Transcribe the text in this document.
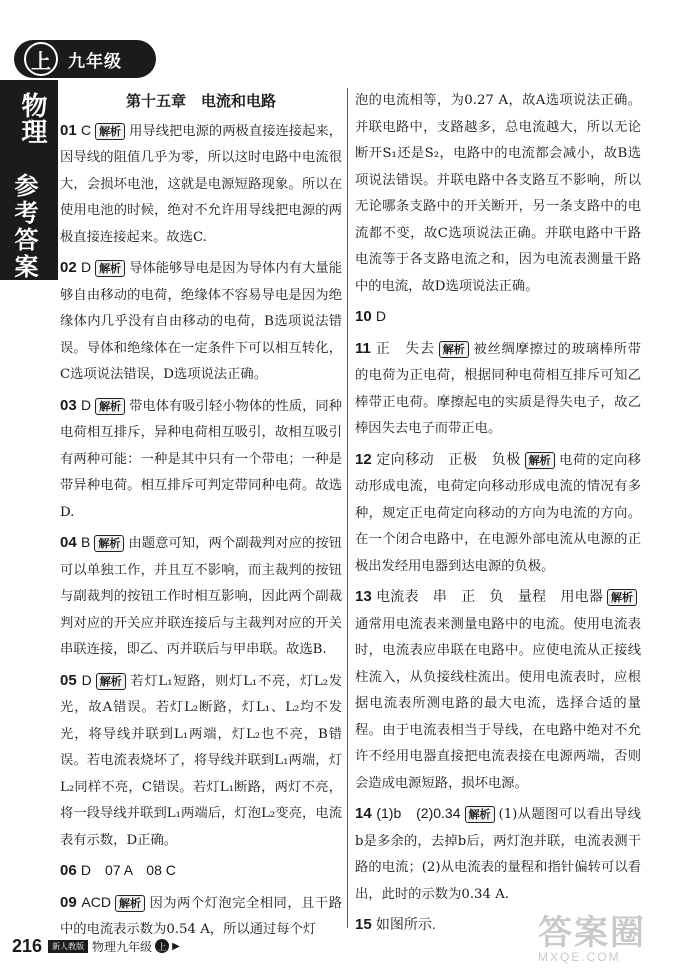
上	九年级
物理
参考答案
第十五章　电流和电路
01 C 解析 用导线把电源的两极直接连接起来，因导线的阻值几乎为零，所以这时电路中电流很大，会损坏电池，这就是电源短路现象。所以在使用电池的时候，绝对不允许用导线把电源的两极直接连接起来。故选C.
02 D 解析 导体能够导电是因为导体内有大量能够自由移动的电荷，绝缘体不容易导电是因为绝缘体内几乎没有自由移动的电荷，B选项说法错误。导体和绝缘体在一定条件下可以相互转化，C选项说法错误，D选项说法正确。
03 D 解析 带电体有吸引轻小物体的性质，同种电荷相互排斥，异种电荷相互吸引，故相互吸引有两种可能：一种是其中只有一个带电；一种是带异种电荷。相互排斥可判定带同种电荷。故选D.
04 B 解析 由题意可知，两个副裁判对应的按钮可以单独工作，并且互不影响，而主裁判的按钮与副裁判的按钮工作时相互影响，因此两个副裁判对应的开关应并联连接后与主裁判对应的开关串联连接，即乙、丙并联后与甲串联。故选B.
05 D 解析 若灯L₁短路，则灯L₁不亮，灯L₂发光，故A错误。若灯L₂断路，灯L₁、L₂均不发光，将导线并联到L₁两端，灯L₂也不亮，B错误。若电流表烧坏了，将导线并联到L₁两端，灯L₂同样不亮，C错误。若灯L₁断路，两灯不亮，将一段导线并联到L₁两端后，灯泡L₂变亮，电流表有示数，D正确。
06 D　07 A　08 C
09 ACD 解析 因为两个灯泡完全相同，且干路中的电流表示数为0.54 A，所以通过每个灯
泡的电流相等，为0.27 A，故A选项说法正确。并联电路中，支路越多，总电流越大，所以无论断开S₁还是S₂，电路中的电流都会减小，故B选项说法错误。并联电路中各支路互不影响，所以无论哪条支路中的开关断开，另一条支路中的电流都不变，故C选项说法正确。并联电路中干路电流等于各支路电流之和，因为电流表测量干路中的电流，故D选项说法正确。
10 D
11 正　失去 解析 被丝绸摩擦过的玻璃棒所带的电荷为正电荷，根据同种电荷相互排斥可知乙棒带正电荷。摩擦起电的实质是得失电子，故乙棒因失去电子而带正电。
12 定向移动　正极　负极 解析 电荷的定向移动形成电流，电荷定向移动形成电流的情况有多种，规定正电荷定向移动的方向为电流的方向。在一个闭合电路中，在电源外部电流从电源的正极出发经用电器到达电源的负极。
13 电流表　串　正　负　量程　用电器 解析通常用电流表来测量电路中的电流。使用电流表时，电流表应串联在电路中。应使电流从正接线柱流入，从负接线柱流出。使用电流表时，应根据电流表所测电路的最大电流，选择合适的量程。由于电流表相当于导线，在电路中绝对不允许不经用电器直接把电流表接在电源两端，否则会造成电源短路，损坏电源。
14 (1)b　(2)0.34 解析 (1)从题图可以看出导线b是多余的，去掉b后，两灯泡并联，电流表测干路的电流；(2)从电流表的量程和指针偏转可以看出，此时的示数为0.34 A.
15 如图所示.
216	新人教版 物理九年级 上 ▶	答案圈
MXQE.COM
